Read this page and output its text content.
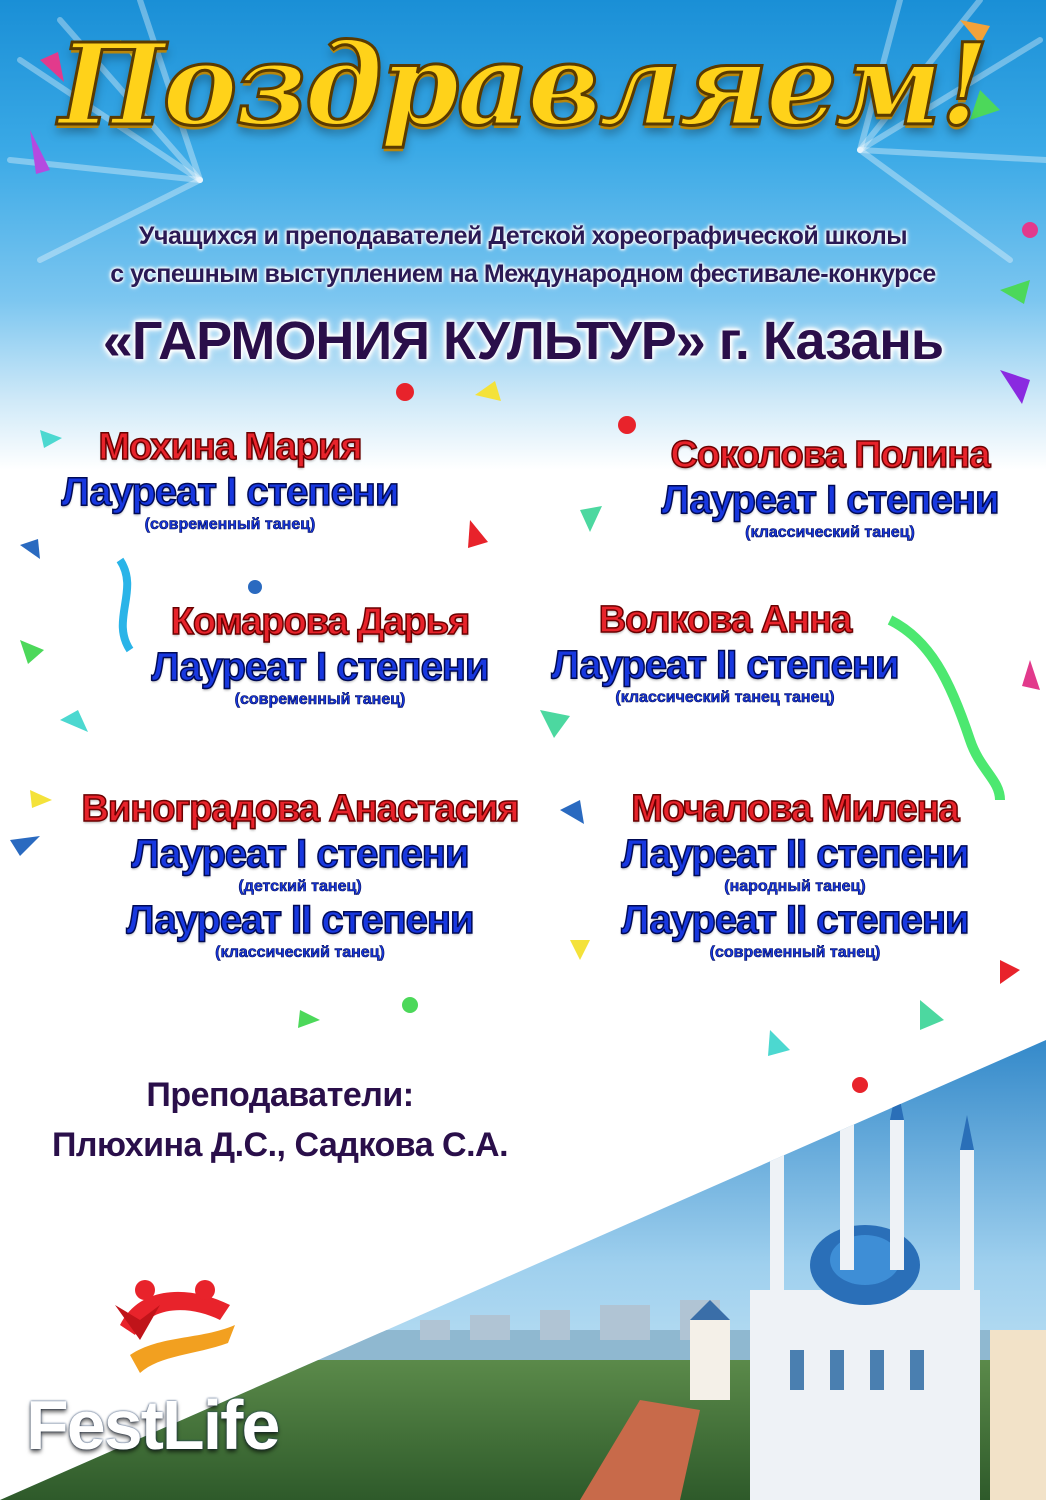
Поздравляем!
Учащихся и преподавателей Детской хореографической школы
с успешным выступлением на Международном фестивале-конкурсе
«ГАРМОНИЯ КУЛЬТУР» г. Казань
Мохина Мария
Лауреат I степени
(современный танец)
Соколова Полина
Лауреат I степени
(классический танец)
Комарова Дарья
Лауреат I степени
(современный танец)
Волкова Анна
Лауреат II степени
(классический танец танец)
Виноградова Анастасия
Лауреат I степени
(детский танец)
Лауреат II степени
(классический танец)
Мочалова Милена
Лауреат II степени
(народный танец)
Лауреат II степени
(современный танец)
Преподаватели:
Плюхина Д.С., Садкова С.А.
FestLife
